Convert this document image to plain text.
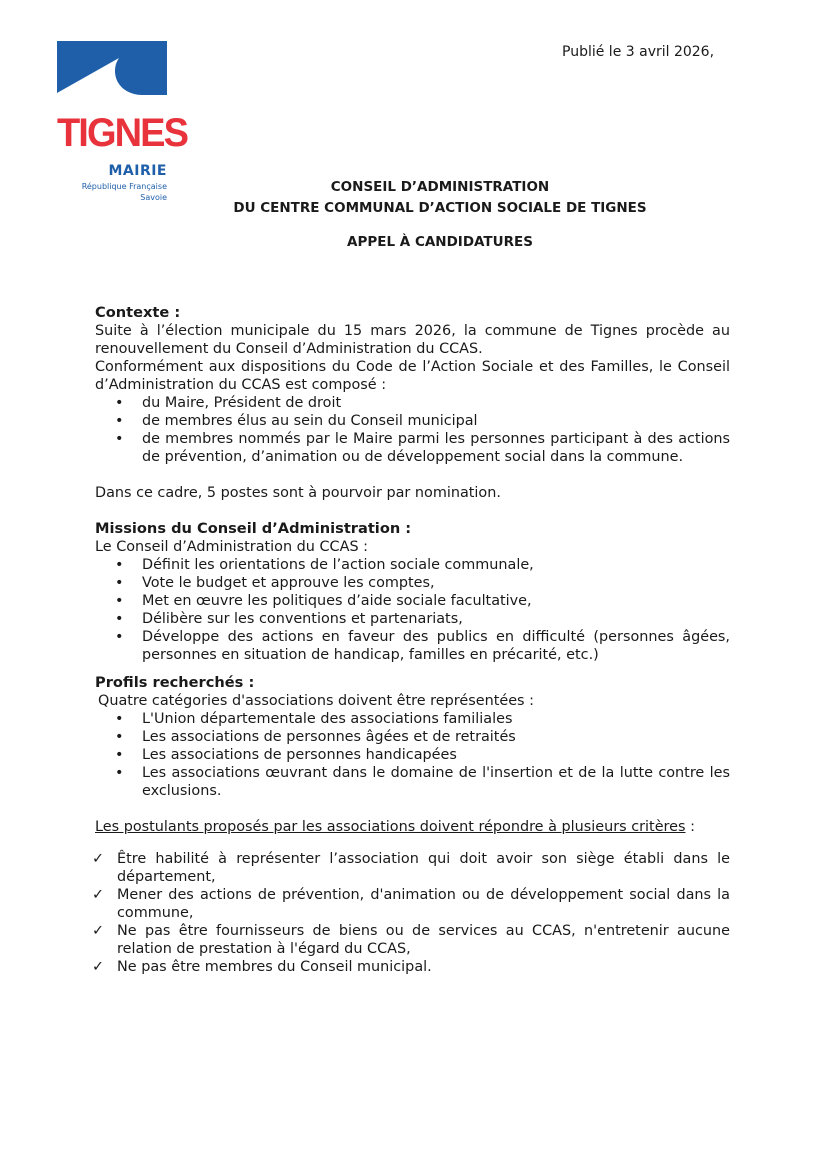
TIGNES
MAIRIE
République Française
Savoie
Publié le 3 avril 2026,
CONSEIL D’ADMINISTRATION
DU CENTRE COMMUNAL D’ACTION SOCIALE DE TIGNES
APPEL À CANDIDATURES
Contexte :
Suite à l’élection municipale du 15 mars 2026, la commune de Tignes procède au renouvellement du Conseil d’Administration du CCAS.
Conformément aux dispositions du Code de l’Action Sociale et des Familles, le Conseil d’Administration du CCAS est composé :
• du Maire, Président de droit
• de membres élus au sein du Conseil municipal
• de membres nommés par le Maire parmi les personnes participant à des actions de prévention, d’animation ou de développement social dans la commune.
Dans ce cadre, 5 postes sont à pourvoir par nomination.
Missions du Conseil d’Administration :
Le Conseil d’Administration du CCAS :
• Définit les orientations de l’action sociale communale,
• Vote le budget et approuve les comptes,
• Met en œuvre les politiques d’aide sociale facultative,
• Délibère sur les conventions et partenariats,
• Développe des actions en faveur des publics en difficulté (personnes âgées, personnes en situation de handicap, familles en précarité, etc.)
Profils recherchés :
Quatre catégories d'associations doivent être représentées :
• L'Union départementale des associations familiales
• Les associations de personnes âgées et de retraités
• Les associations de personnes handicapées
• Les associations œuvrant dans le domaine de l'insertion et de la lutte contre les exclusions.
Les postulants proposés par les associations doivent répondre à plusieurs critères :
✓ Être habilité à représenter l’association qui doit avoir son siège établi dans le département,
✓ Mener des actions de prévention, d'animation ou de développement social dans la commune,
✓ Ne pas être fournisseurs de biens ou de services au CCAS, n'entretenir aucune relation de prestation à l'égard du CCAS,
✓ Ne pas être membres du Conseil municipal.
